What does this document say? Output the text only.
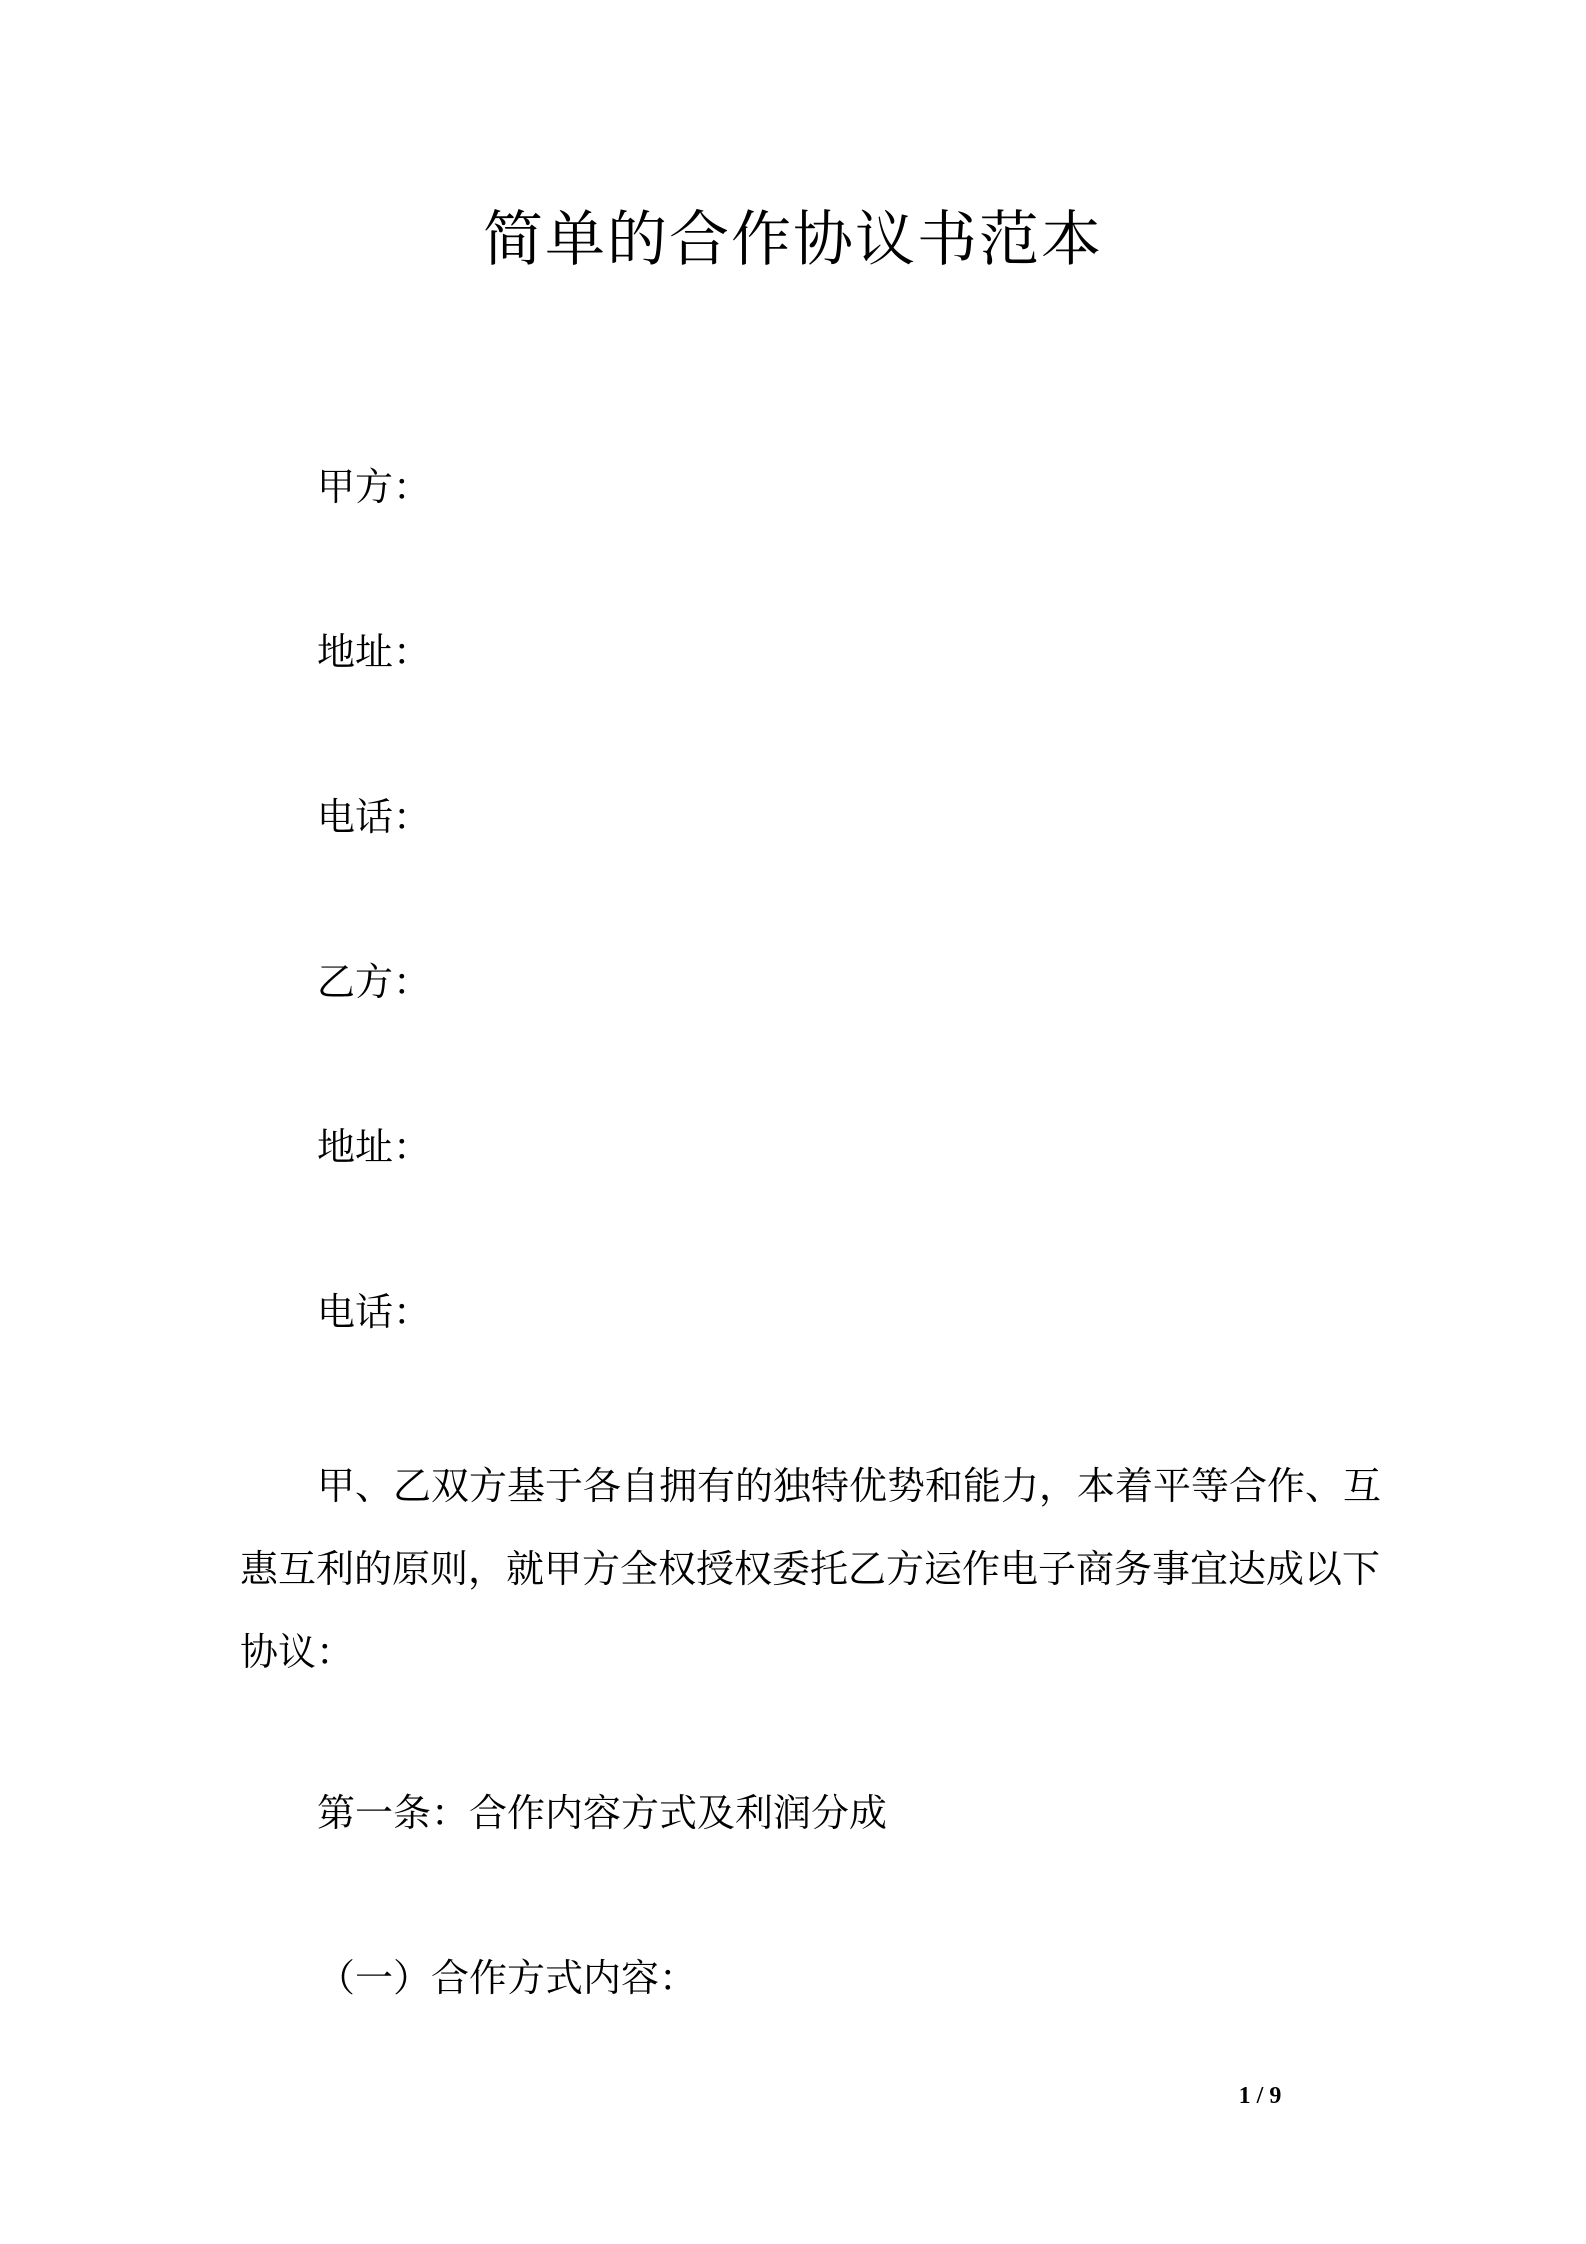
简单的合作协议书范本
甲方：
地址：
电话：
乙方：
地址：
电话：
甲、乙双方基于各自拥有的独特优势和能力，本着平等合作、互
惠互利的原则，就甲方全权授权委托乙方运作电子商务事宜达成以下
协议：
第一条：合作内容方式及利润分成
（一）合作方式内容：
1 / 9
